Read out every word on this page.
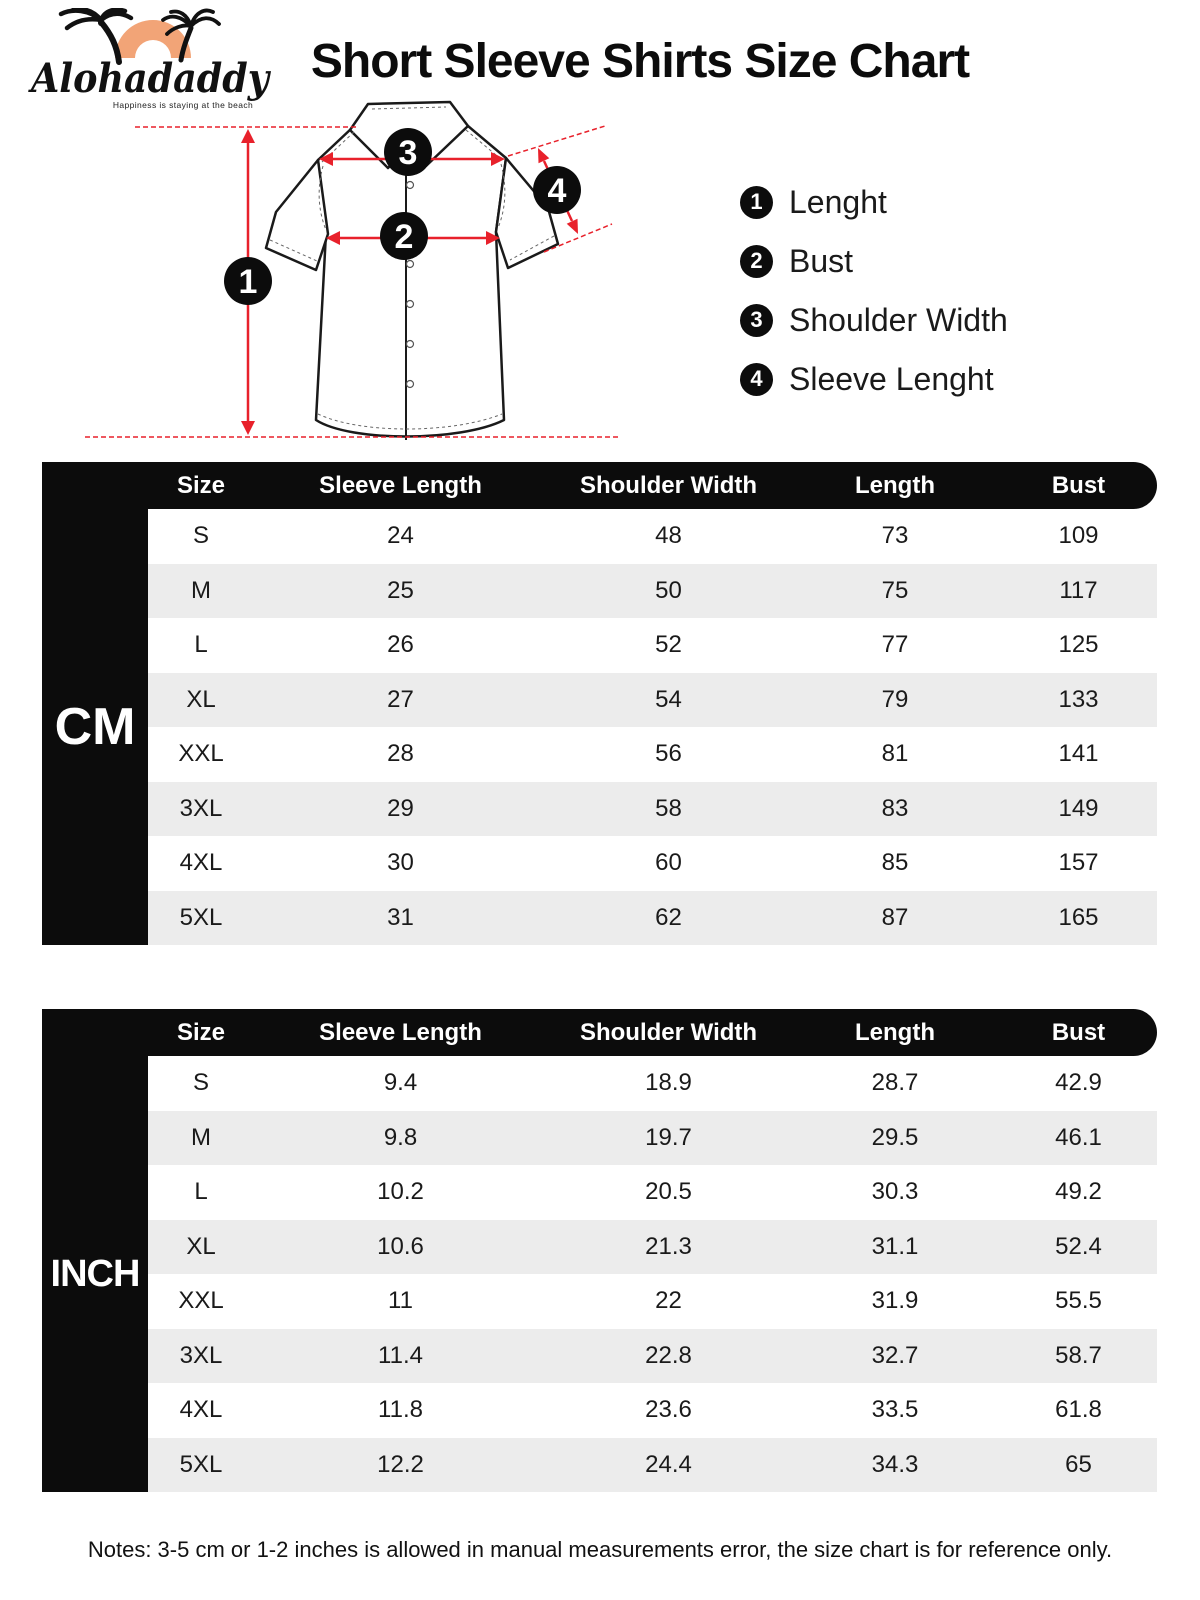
Alohadaddy
Happiness is staying at the beach
Short Sleeve Shirts Size Chart
1
2
3
4	1 Lenght
2 Bust
3 Shoulder Width
4 Sleeve Lenght
Size	Sleeve Length	Shoulder Width	Length	Bust
CM
S	24	48	73	109
M	25	50	75	117
L	26	52	77	125
XL	27	54	79	133
XXL	28	56	81	141
3XL	29	58	83	149
4XL	30	60	85	157
5XL	31	62	87	165
Size	Sleeve Length	Shoulder Width	Length	Bust
INCH
S	9.4	18.9	28.7	42.9
M	9.8	19.7	29.5	46.1
L	10.2	20.5	30.3	49.2
XL	10.6	21.3	31.1	52.4
XXL	11	22	31.9	55.5
3XL	11.4	22.8	32.7	58.7
4XL	11.8	23.6	33.5	61.8
5XL	12.2	24.4	34.3	65

Notes: 3-5 cm or 1-2 inches is allowed in manual measurements error, the size chart is for reference only.
